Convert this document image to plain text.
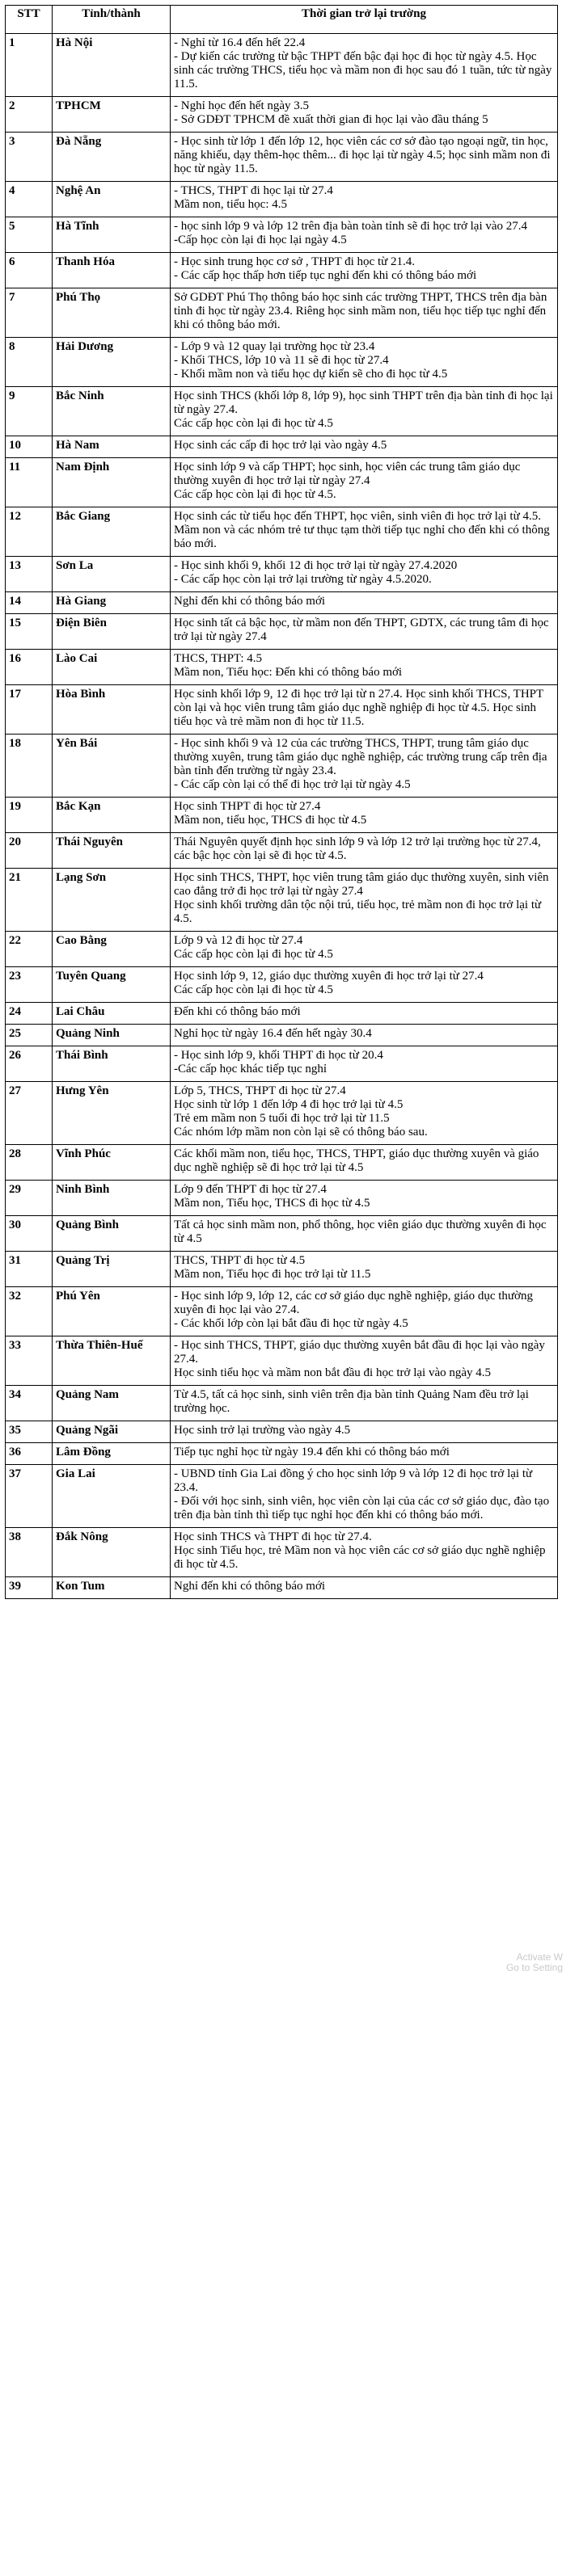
STT	Tỉnh/thành	Thời gian trở lại trường
1	Hà Nội	- Nghỉ từ 16.4 đến hết 22.4
- Dự kiến các trường từ bậc THPT đến bậc đại học đi học từ ngày 4.5. Học sinh các trường THCS, tiểu học và mầm non đi học sau đó 1 tuần, tức từ ngày 11.5.

2	TPHCM	- Nghỉ học đến hết ngày 3.5
- Sở GDĐT TPHCM đề xuất thời gian đi học lại vào đầu tháng 5

3	Đà Nẵng	- Học sinh từ lớp 1 đến lớp 12, học viên các cơ sở đào tạo ngoại ngữ, tin học, năng khiếu, dạy thêm-học thêm... đi học lại từ ngày 4.5; học sinh mầm non đi học từ ngày 11.5.

4	Nghệ An	- THCS, THPT đi học lại từ 27.4
Mầm non, tiểu học: 4.5

5	Hà Tĩnh	- học sinh lớp 9 và lớp 12 trên địa bàn toàn tỉnh sẽ đi học trở lại vào 27.4
-Cấp học còn lại đi học lại ngày 4.5

6	Thanh Hóa	- Học sinh trung học cơ sở , THPT đi học từ 21.4.
- Các cấp học thấp hơn tiếp tục nghỉ đến khi có thông báo mới

7	Phú Thọ	Sở GDĐT Phú Thọ thông báo học sinh các trường THPT, THCS trên địa bàn tỉnh đi học từ ngày 23.4. Riêng học sinh mầm non, tiểu học tiếp tục nghỉ đến khi có thông báo mới.

8	Hải Dương	- Lớp 9 và 12 quay lại trường học từ 23.4
- Khối THCS, lớp 10 và 11 sẽ đi học từ 27.4
- Khối mầm non và tiểu học dự kiến sẽ cho đi học từ 4.5

9	Bắc Ninh	Học sinh THCS (khối lớp 8, lớp 9), học sinh THPT trên địa bàn tỉnh đi học lại từ ngày 27.4.
Các cấp học còn lại đi học từ 4.5

10	Hà Nam	Học sinh các cấp đi học trở lại vào ngày 4.5

11	Nam Định	Học sinh lớp 9 và cấp THPT; học sinh, học viên các trung tâm giáo dục thường xuyên đi học trở lại từ ngày 27.4
Các cấp học còn lại đi học từ 4.5.

12	Bắc Giang	Học sinh các từ tiểu học đến THPT, học viên, sinh viên đi học trở lại từ 4.5.
Mầm non và các nhóm trẻ tư thục tạm thời tiếp tục nghỉ cho đến khi có thông báo mới.

13	Sơn La	- Học sinh khối 9, khối 12 đi học trở lại từ ngày 27.4.2020
- Các cấp học còn lại trở lại trường từ ngày 4.5.2020.

14	Hà Giang	Nghỉ đến khi có thông báo mới

15	Điện Biên	Học sinh tất cả bậc học, từ mầm non đến THPT, GDTX, các trung tâm đi học trở lại từ ngày 27.4

16	Lào Cai	THCS, THPT: 4.5
Mầm non, Tiểu học: Đến khi có thông báo mới

17	Hòa Bình	Học sinh khối lớp 9, 12 đi học trở lại từ n 27.4. Học sinh khối THCS, THPT còn lại và học viên trung tâm giáo dục nghề nghiệp đi học từ 4.5. Học sinh tiểu học và trẻ mầm non đi học từ 11.5.

18	Yên Bái	- Học sinh khối 9 và 12 của các trường THCS, THPT, trung tâm giáo dục thường xuyên, trung tâm giáo dục nghề nghiệp, các trường trung cấp trên địa bàn tỉnh đến trường từ ngày 23.4.
- Các cấp còn lại có thể đi học trở lại từ ngày 4.5

19	Bắc Kạn	Học sinh THPT đi học từ 27.4
Mầm non, tiểu học, THCS đi học từ 4.5

20	Thái Nguyên	Thái Nguyên quyết định học sinh lớp 9 và lớp 12 trở lại trường học từ 27.4, các bậc học còn lại sẽ đi học từ 4.5.

21	Lạng Sơn	Học sinh THCS, THPT, học viên trung tâm giáo dục thường xuyên, sinh viên cao đẳng trở đi học trở lại từ ngày 27.4
Học sinh khối trường dân tộc nội trú, tiểu học, trẻ mầm non đi học trở lại từ 4.5.

22	Cao Bằng	Lớp 9 và 12 đi học từ 27.4
Các cấp học còn lại đi học từ 4.5

23	Tuyên Quang	Học sinh lớp 9, 12, giáo dục thường xuyên đi học trở lại từ 27.4
Các cấp học còn lại đi học từ 4.5

24	Lai Châu	Đến khi có thông báo mới

25	Quảng Ninh	Nghỉ học từ ngày 16.4 đến hết ngày 30.4

26	Thái Bình	- Học sinh lớp 9, khối THPT đi học từ 20.4
-Các cấp học khác tiếp tục nghỉ

27	Hưng Yên	Lớp 5, THCS, THPT đi học từ 27.4
Học sinh từ lớp 1 đến lớp 4 đi học trở lại từ 4.5
Trẻ em mầm non 5 tuổi đi học trở lại từ 11.5
Các nhóm lớp mầm non còn lại sẽ có thông báo sau.

28	Vĩnh Phúc	Các khối mầm non, tiểu học, THCS, THPT, giáo dục thường xuyên và giáo dục nghề nghiệp sẽ đi học trở lại từ 4.5

29	Ninh Bình	Lớp 9 đến THPT đi học từ 27.4
Mầm non, Tiểu học, THCS đi học từ 4.5

30	Quảng Bình	Tất cả học sinh mầm non, phổ thông, học viên giáo dục thường xuyên đi học từ 4.5

31	Quảng Trị	THCS, THPT đi học từ 4.5
Mầm non, Tiểu học đi học trở lại từ 11.5

32	Phú Yên	- Học sinh lớp 9, lớp 12, các cơ sở giáo dục nghề nghiệp, giáo dục thường xuyên đi học lại vào 27.4.
- Các khối lớp còn lại bắt đầu đi học từ ngày 4.5

33	Thừa Thiên-Huế	- Học sinh THCS, THPT, giáo dục thường xuyên bắt đầu đi học lại vào ngày 27.4.
Học sinh tiểu học và mầm non bắt đầu đi học trở lại vào ngày 4.5

34	Quảng Nam	Từ 4.5, tất cả học sinh, sinh viên trên địa bàn tỉnh Quảng Nam đều trở lại trường học.

35	Quảng Ngãi	Học sinh trở lại trường vào ngày 4.5

36	Lâm Đồng	Tiếp tục nghỉ học từ ngày 19.4 đến khi có thông báo mới

37	Gia Lai	- UBND tỉnh Gia Lai đồng ý cho học sinh lớp 9 và lớp 12 đi học trở lại từ 23.4.
- Đối với học sinh, sinh viên, học viên còn lại của các cơ sở giáo dục, đào tạo trên địa bàn tỉnh thì tiếp tục nghỉ học đến khi có thông báo mới.

38	Đắk Nông	Học sinh THCS và THPT đi học từ 27.4.
Học sinh Tiểu học, trẻ Mầm non và học viên các cơ sở giáo dục nghề nghiệp đi học từ 4.5.

39	Kon Tum	Nghỉ đến khi có thông báo mới
Activate W
Go to Setting
